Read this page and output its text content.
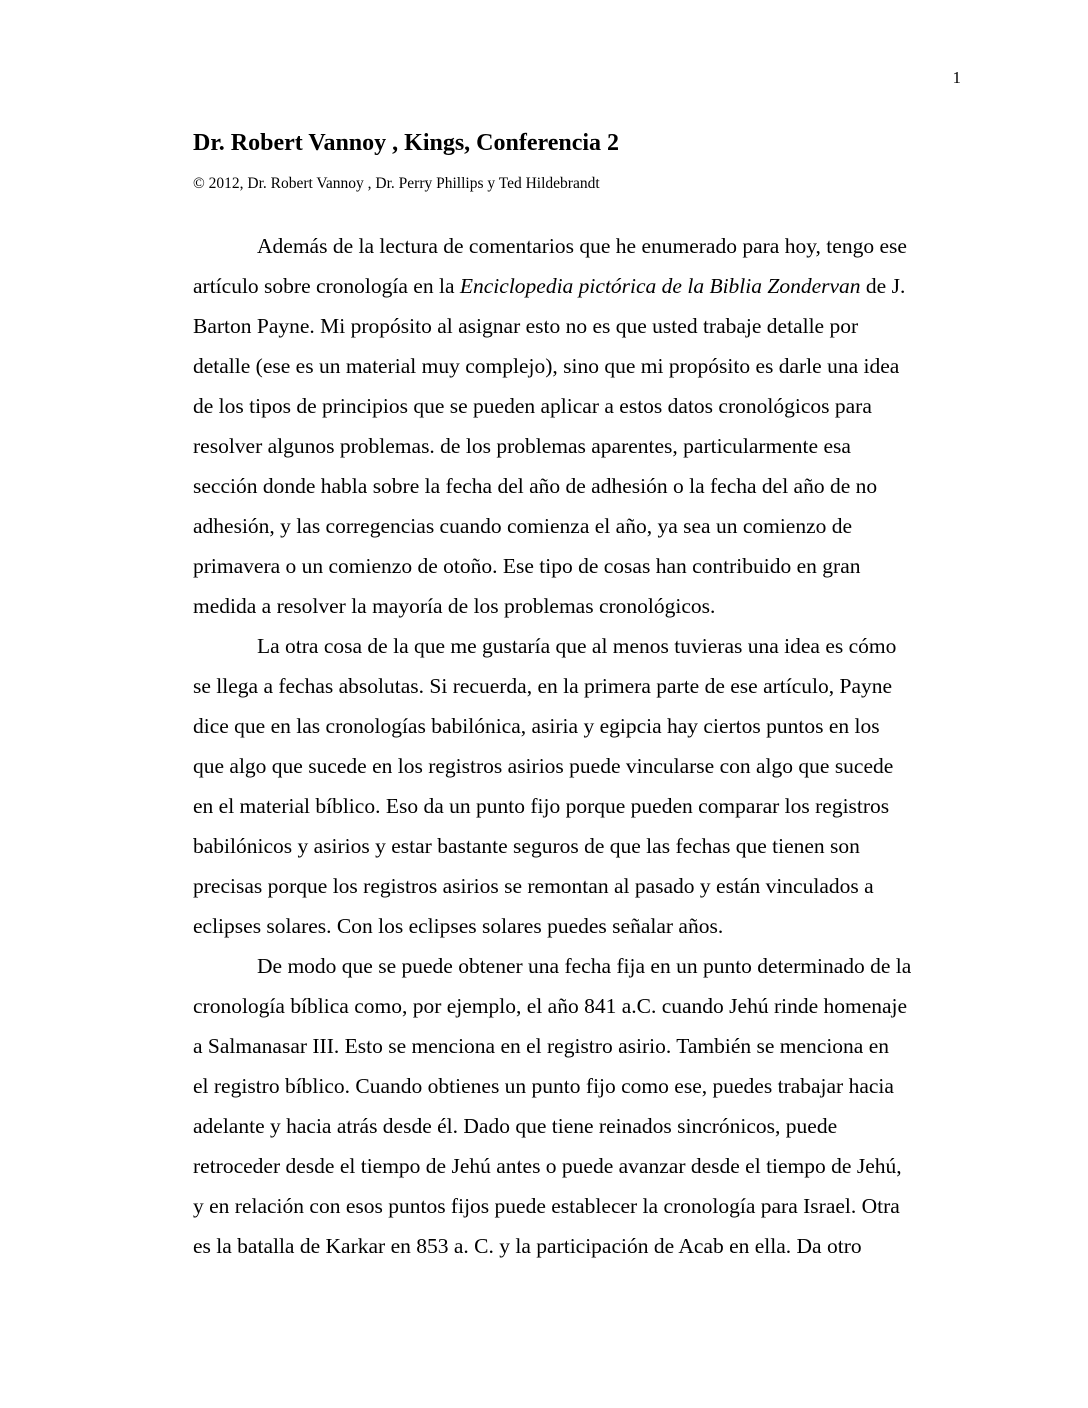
1
Dr. Robert Vannoy , Kings, Conferencia 2

© 2012, Dr. Robert Vannoy , Dr. Perry Phillips y Ted Hildebrandt

Además de la lectura de comentarios que he enumerado para hoy, tengo ese
artículo sobre cronología en la Enciclopedia pictórica de la Biblia Zondervan de J.
Barton Payne. Mi propósito al asignar esto no es que usted trabaje detalle por
detalle (ese es un material muy complejo), sino que mi propósito es darle una idea
de los tipos de principios que se pueden aplicar a estos datos cronológicos para
resolver algunos problemas. de los problemas aparentes, particularmente esa
sección donde habla sobre la fecha del año de adhesión o la fecha del año de no
adhesión, y las corregencias cuando comienza el año, ya sea un comienzo de
primavera o un comienzo de otoño. Ese tipo de cosas han contribuido en gran
medida a resolver la mayoría de los problemas cronológicos.
La otra cosa de la que me gustaría que al menos tuvieras una idea es cómo
se llega a fechas absolutas. Si recuerda, en la primera parte de ese artículo, Payne
dice que en las cronologías babilónica, asiria y egipcia hay ciertos puntos en los
que algo que sucede en los registros asirios puede vincularse con algo que sucede
en el material bíblico. Eso da un punto fijo porque pueden comparar los registros
babilónicos y asirios y estar bastante seguros de que las fechas que tienen son
precisas porque los registros asirios se remontan al pasado y están vinculados a
eclipses solares. Con los eclipses solares puedes señalar años.
De modo que se puede obtener una fecha fija en un punto determinado de la
cronología bíblica como, por ejemplo, el año 841 a.C. cuando Jehú rinde homenaje
a Salmanasar III. Esto se menciona en el registro asirio. También se menciona en
el registro bíblico. Cuando obtienes un punto fijo como ese, puedes trabajar hacia
adelante y hacia atrás desde él. Dado que tiene reinados sincrónicos, puede
retroceder desde el tiempo de Jehú antes o puede avanzar desde el tiempo de Jehú,
y en relación con esos puntos fijos puede establecer la cronología para Israel. Otra
es la batalla de Karkar en 853 a. C. y la participación de Acab en ella. Da otro
